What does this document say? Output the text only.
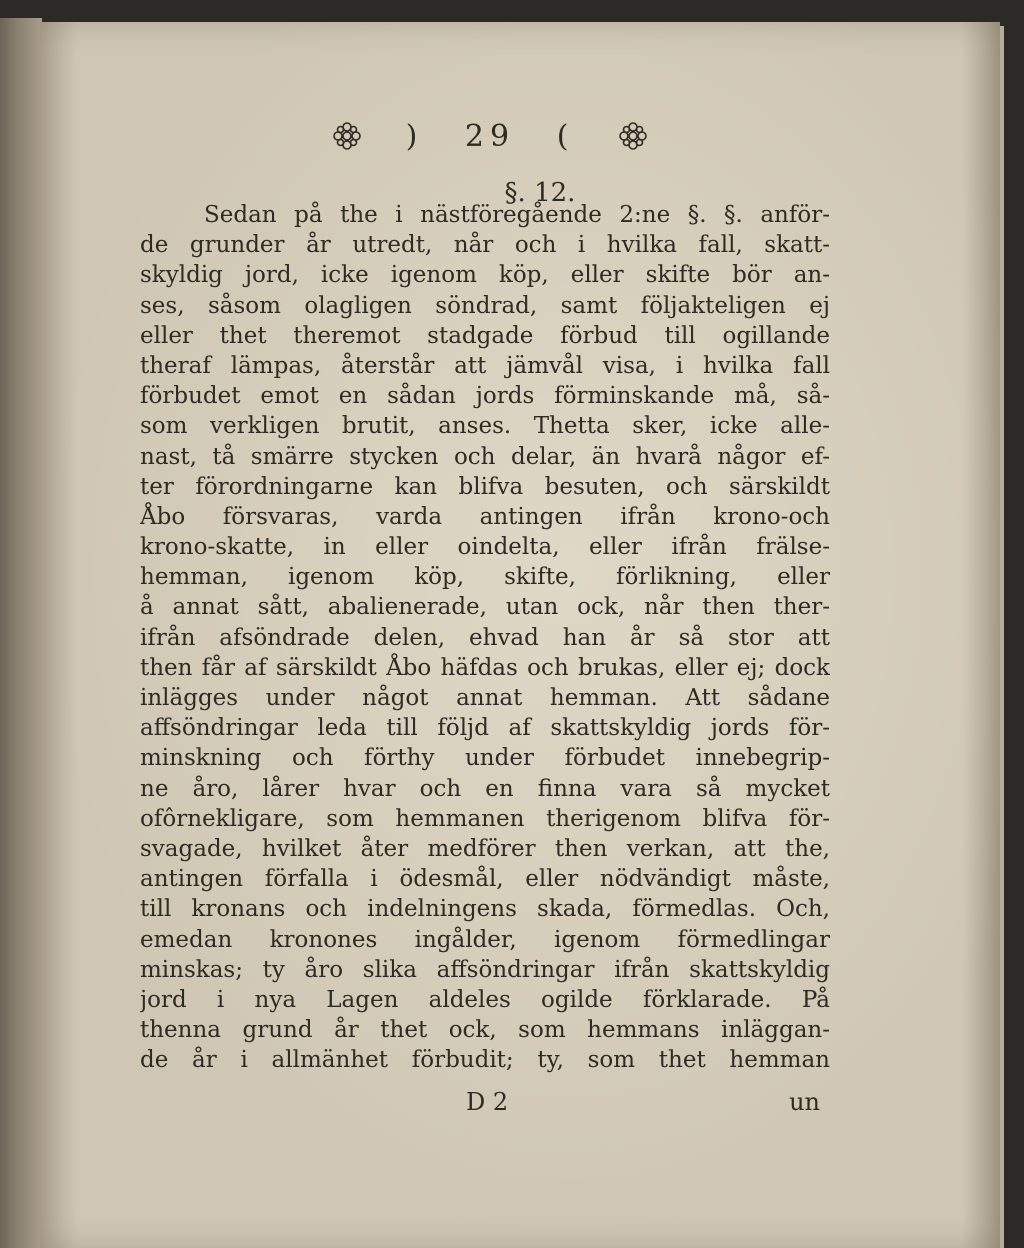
) 29 (
§. 12.
Sedan på the i nästföregående 2:ne §. §. anför-
de grunder år utredt, når och i hvilka fall, skatt-
skyldig jord, icke igenom köp, eller skifte bör an-
ses, såsom olagligen söndrad, samt följakteligen ej
eller thet theremot stadgade förbud till ogillande
theraf lämpas, återstår att jämvål visa, i hvilka fall
förbudet emot en sådan jords förminskande må, så-
som verkligen brutit, anses. Thetta sker, icke alle-
nast, tå smärre stycken och delar, än hvarå någor ef-
ter förordningarne kan blifva besuten, och särskildt
Åbo försvaras, varda antingen ifrån krono-och
krono-skatte, in eller oindelta, eller ifrån frälse-
hemman, igenom köp, skifte, förlikning, eller
å annat sått, abalienerade, utan ock, når then ther-
ifrån afsöndrade delen, ehvad han år så stor att
then får af särskildt Åbo häfdas och brukas, eller ej; dock
inlägges under något annat hemman. Att sådane
affsöndringar leda till följd af skattskyldig jords för-
minskning och förthy under förbudet innebegrip-
ne åro, lårer hvar och en finna vara så mycket
ofôrnekligare, som hemmanen therigenom blifva för-
svagade, hvilket åter medförer then verkan, att the,
antingen förfalla i ödesmål, eller nödvändigt måste,
till kronans och indelningens skada, förmedlas. Och,
emedan kronones ingålder, igenom förmedlingar
minskas; ty åro slika affsöndringar ifrån skattskyldig
jord i nya Lagen aldeles ogilde förklarade. På
thenna grund år thet ock, som hemmans inläggan-
de år i allmänhet förbudit; ty, som thet hemman
D 2	un
